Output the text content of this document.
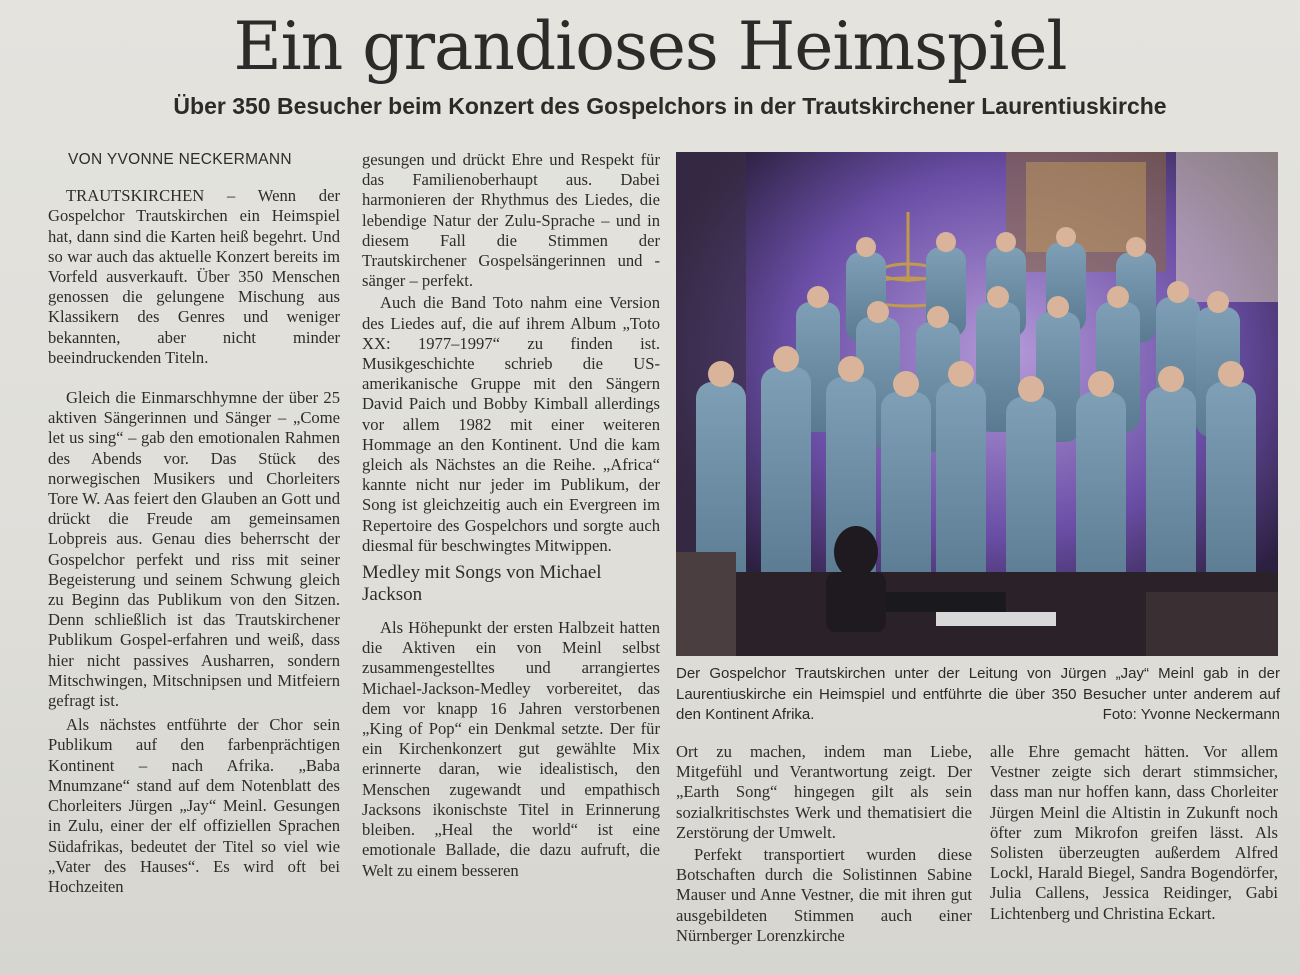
Ein grandioses Heimspiel
Über 350 Besucher beim Konzert des Gospelchors in der Trautskirchener Laurentiuskirche

VON YVONNE NECKERMANN

TRAUTSKIRCHEN – Wenn der Gospelchor Trautskirchen ein Heimspiel hat, dann sind die Karten heiß begehrt. Und so war auch das aktuelle Konzert bereits im Vorfeld ausverkauft. Über 350 Menschen genossen die gelungene Mischung aus Klassikern des Genres und weniger bekannten, aber nicht minder beeindruckenden Titeln.

Gleich die Einmarschhymne der über 25 aktiven Sängerinnen und Sänger – „Come let us sing“ – gab den emotionalen Rahmen des Abends vor. Das Stück des norwegischen Musikers und Chorleiters Tore W. Aas feiert den Glauben an Gott und drückt die Freude am gemeinsamen Lobpreis aus. Genau dies beherrscht der Gospelchor perfekt und riss mit seiner Begeisterung und seinem Schwung gleich zu Beginn das Publikum von den Sitzen. Denn schließlich ist das Trautskirchener Publikum Gospel-erfahren und weiß, dass hier nicht passives Ausharren, sondern Mitschwingen, Mitschnipsen und Mitfeiern gefragt ist.

Als nächstes entführte der Chor sein Publikum auf den farbenprächtigen Kontinent – nach Afrika. „Baba Mnumzane“ stand auf dem Notenblatt des Chorleiters Jürgen „Jay“ Meinl. Gesungen in Zulu, einer der elf offiziellen Sprachen Südafrikas, bedeutet der Titel so viel wie „Vater des Hauses“. Es wird oft bei Hochzeiten

gesungen und drückt Ehre und Respekt für das Familienoberhaupt aus. Dabei harmonieren der Rhythmus des Liedes, die lebendige Natur der Zulu-Sprache – und in diesem Fall die Stimmen der Trautskirchener Gospelsängerinnen und -sänger – perfekt.

Auch die Band Toto nahm eine Version des Liedes auf, die auf ihrem Album „Toto XX: 1977–1997“ zu finden ist. Musikgeschichte schrieb die US-amerikanische Gruppe mit den Sängern David Paich und Bobby Kimball allerdings vor allem 1982 mit einer weiteren Hommage an den Kontinent. Und die kam gleich als Nächstes an die Reihe. „Africa“ kannte nicht nur jeder im Publikum, der Song ist gleichzeitig auch ein Evergreen im Repertoire des Gospelchors und sorgte auch diesmal für beschwingtes Mitwippen.

Medley mit Songs von Michael Jackson

Als Höhepunkt der ersten Halbzeit hatten die Aktiven ein von Meinl selbst zusammengestelltes und arrangiertes Michael-Jackson-Medley vorbereitet, das dem vor knapp 16 Jahren verstorbenen „King of Pop“ ein Denkmal setzte. Der für ein Kirchenkonzert gut gewählte Mix erinnerte daran, wie idealistisch, den Menschen zugewandt und empathisch Jacksons ikonischste Titel in Erinnerung bleiben. „Heal the world“ ist eine emotionale Ballade, die dazu aufruft, die Welt zu einem besseren

Der Gospelchor Trautskirchen unter der Leitung von Jürgen „Jay“ Meinl gab in der Laurentiuskirche ein Heimspiel und entführte die über 350 Besucher unter anderem auf den Kontinent Afrika.	Foto: Yvonne Neckermann

Ort zu machen, indem man Liebe, Mitgefühl und Verantwortung zeigt. Der „Earth Song“ hingegen gilt als sein sozialkritischstes Werk und thematisiert die Zerstörung der Umwelt.

Perfekt transportiert wurden diese Botschaften durch die Solistinnen Sabine Mauser und Anne Vestner, die mit ihren gut ausgebildeten Stimmen auch einer Nürnberger Lorenzkirche

alle Ehre gemacht hätten. Vor allem Vestner zeigte sich derart stimmsicher, dass man nur hoffen kann, dass Chorleiter Jürgen Meinl die Altistin in Zukunft noch öfter zum Mikrofon greifen lässt. Als Solisten überzeugten außerdem Alfred Lockl, Harald Biegel, Sandra Bogendörfer, Julia Callens, Jessica Reidinger, Gabi Lichtenberg und Christina Eckart.
